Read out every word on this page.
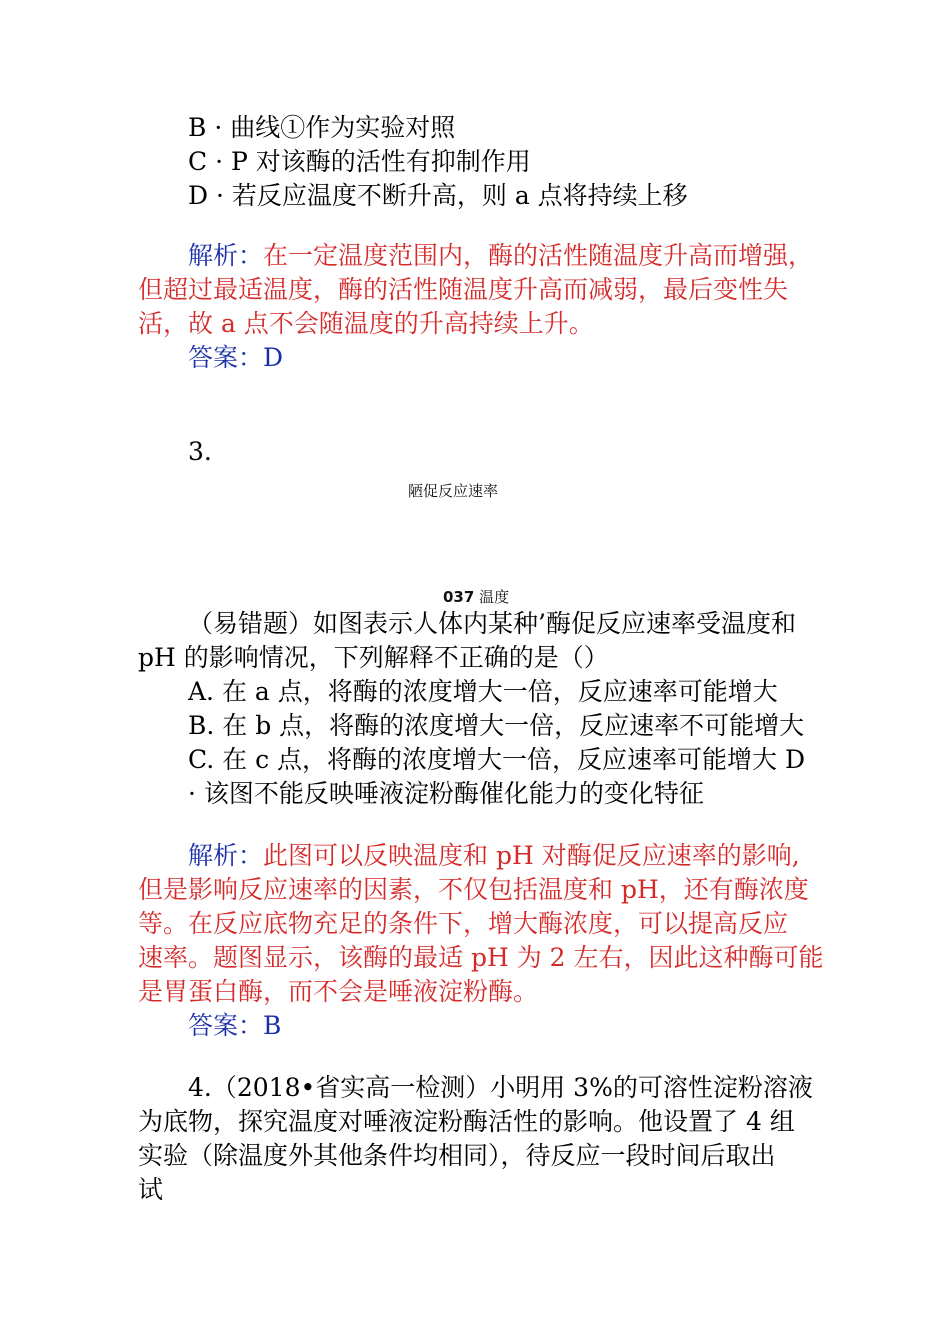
B · 曲线①作为实验对照
C · P 对该酶的活性有抑制作用
D · 若反应温度不断升高，则 a 点将持续上移
解析：在一定温度范围内，酶的活性随温度升高而增强，
但超过最适温度，酶的活性随温度升高而减弱，最后变性失
活，故 a 点不会随温度的升高持续上升。
答案：D
3.
陋促反应速率
037 温度
（易错题）如图表示人体内某种’酶促反应速率受温度和
pH 的影响情况，下列解释不正确的是（）
A. 在 a 点，将酶的浓度增大一倍，反应速率可能增大
B. 在 b 点，将酶的浓度增大一倍，反应速率不可能增大
C. 在 c 点，将酶的浓度增大一倍，反应速率可能增大 D
· 该图不能反映唾液淀粉酶催化能力的变化特征
解析：此图可以反映温度和 pH 对酶促反应速率的影响,
但是影响反应速率的因素，不仅包括温度和 pH，还有酶浓度
等。在反应底物充足的条件下，增大酶浓度，可以提高反应
速率。题图显示，该酶的最适 pH 为 2 左右，因此这种酶可能
是胃蛋白酶，而不会是唾液淀粉酶。
答案：B
4.（2018•省实高一检测）小明用 3%的可溶性淀粉溶液
为底物，探究温度对唾液淀粉酶活性的影响。他设置了 4 组
实验（除温度外其他条件均相同），待反应一段时间后取出
试
